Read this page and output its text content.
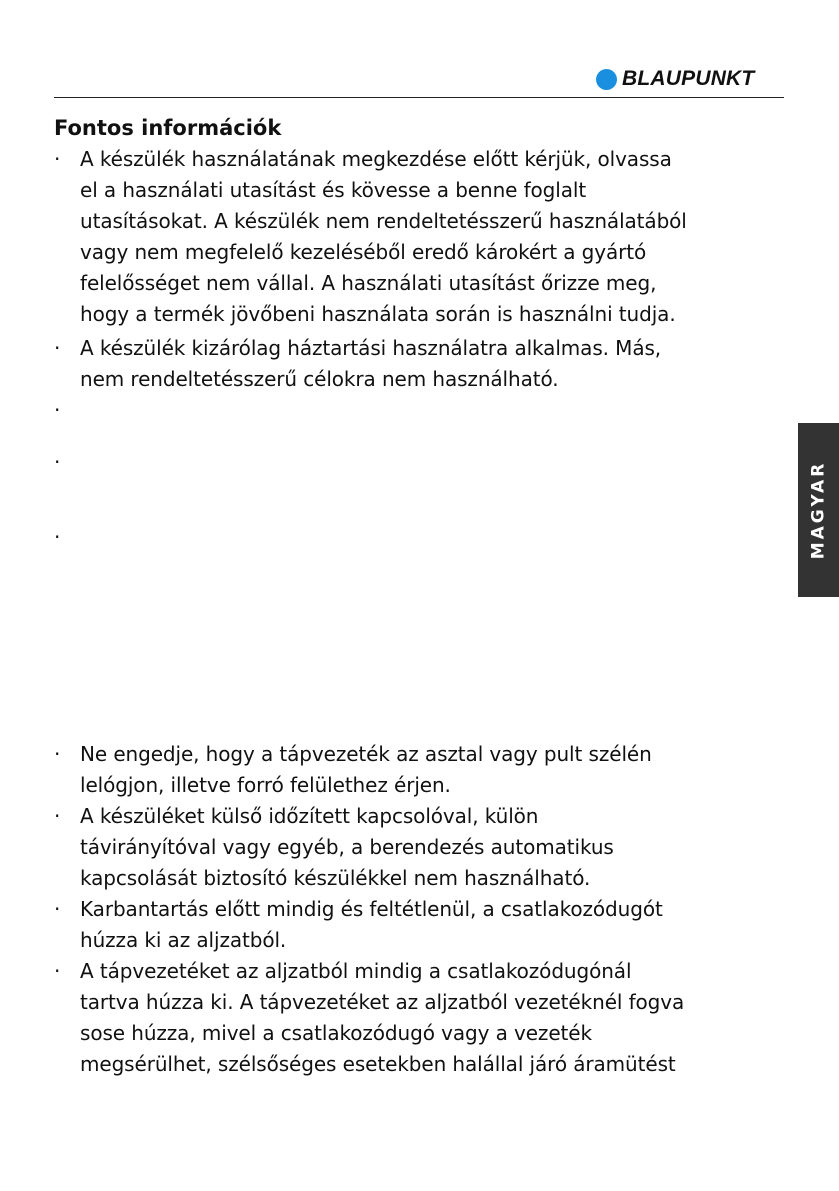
BLAUPUNKT
Fontos információk
· A készülék használatának megkezdése előtt kérjük, olvassa
el a használati utasítást és kövesse a benne foglalt
utasításokat. A készülék nem rendeltetésszerű használatából
vagy nem megfelelő kezeléséből eredő károkért a gyártó
felelősséget nem vállal. A használati utasítást őrizze meg,
hogy a termék jövőbeni használata során is használni tudja.
· A készülék kizárólag háztartási használatra alkalmas. Más,
nem rendeltetésszerű célokra nem használható.
·
·
·
· Ne engedje, hogy a tápvezeték az asztal vagy pult szélén
lelógjon, illetve forró felülethez érjen.
· A készüléket külső időzített kapcsolóval, külön
távirányítóval vagy egyéb, a berendezés automatikus
kapcsolását biztosító készülékkel nem használható.
· Karbantartás előtt mindig és feltétlenül, a csatlakozódugót
húzza ki az aljzatból.
· A tápvezetéket az aljzatból mindig a csatlakozódugónál
tartva húzza ki. A tápvezetéket az aljzatból vezetéknél fogva
sose húzza, mivel a csatlakozódugó vagy a vezeték
megsérülhet, szélsőséges esetekben halállal járó áramütést
MAGYAR
